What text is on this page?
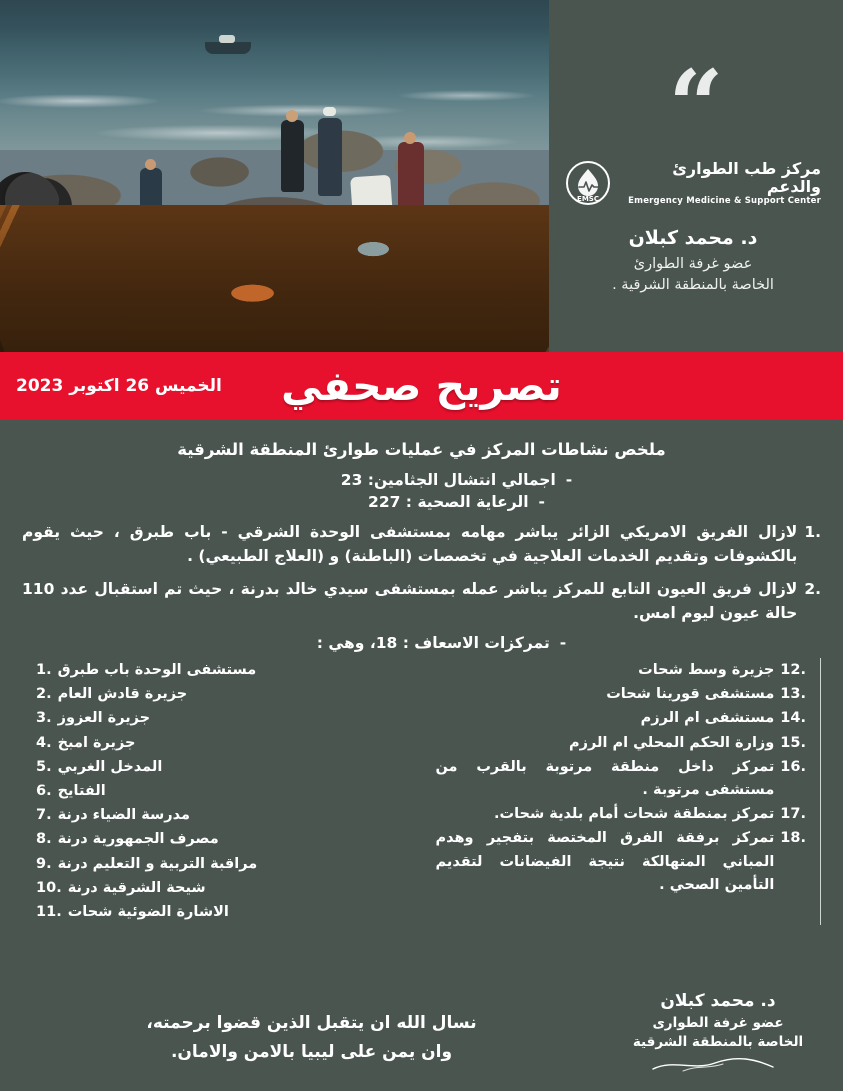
“
مركز طب الطوارئ والدعم
Emergency Medicine & Support Center
EMSC
د. محمد كبلان
عضو غرفة الطوارئ
الخاصة بالمنطقة الشرقية .
الخميس 26 اكتوبر 2023 تصريح صحفي
ملخص نشاطات المركز في عمليات طوارئ المنطقة الشرقية
-
اجمالي انتشال الجثامين: 23
-
الرعاية الصحية : 227
.1
لازال الفريق الامريكي الزائر يباشر مهامه بمستشفى الوحدة الشرقي - باب طبرق ، حيث يقوم بالكشوفات وتقديم الخدمات العلاجية في تخصصات (الباطنة) و (العلاج الطبيعي) .
.2
لازال فريق العيون التابع للمركز يباشر عمله بمستشفى سيدي خالد بدرنة ، حيث تم استقبال عدد 110 حالة عيون ليوم امس.
-
تمركزات الاسعاف : 18، وهي :
.12
جزيرة وسط شحات
.13
مستشفى قورينا شحات
.14
مستشفى ام الرزم
.15
وزارة الحكم المحلي ام الرزم
.16
تمركز داخل منطقة مرتوبة بالقرب من مستشفى مرتوبة .
.17
تمركز بمنطقة شحات أمام بلدية شحات.
.18
تمركز برفقة الفرق المختصة بتفجير وهدم المباني المتهالكة نتيجة الفيضانات لتقديم التأمين الصحي .
مستشفى الوحدة باب طبرق
.1
جزيرة قادش العام
.2
جزيرة العزوز
.3
جزيرة امبخ
.4
المدخل الغربي
.5
الفتايح
.6
مدرسة الضياء درنة
.7
مصرف الجمهورية درنة
.8
مراقبة التربية و التعليم درنة
.9
شيحة الشرقية درنة
.10
الاشارة الضوئية شحات
.11
نسال الله ان يتقبل الذين قضوا برحمته،
وان يمن على ليبيا بالامن والامان.
د. محمد كبلان
عضو غرفة الطوارى
الخاصة بالمنطقة الشرقية
